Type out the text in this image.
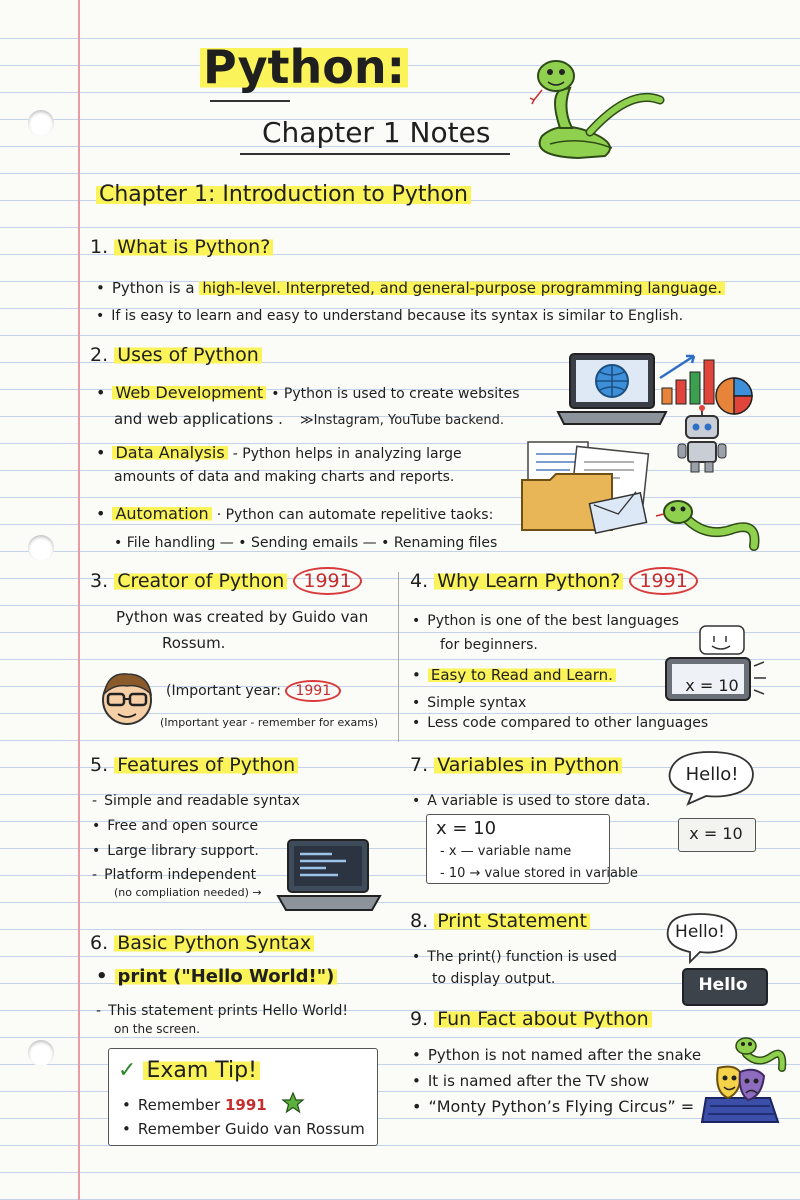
Python:
Chapter 1 Notes
Chapter 1: Introduction to Python
1. What is Python?
• Python is a high-level. Interpreted, and general-purpose programming language.
• If is easy to learn and easy to understand because its syntax is similar to English.
2. Uses of Python
• Web Development • Python is used to create websites
and web applications . ≫Instagram, YouTube backend.
• Data Analysis - Python helps in analyzing large
amounts of data and making charts and reports.
• Automation · Python can automate repelitive taoks:
• File handling — • Sending emails — • Renaming files
3. Creator of Python 1991
Python was created by Guido van
Rossum.
(Important year: 1991
(Important year - remember for exams)
4. Why Learn Python? 1991
• Python is one of the best languages
for beginners.
• Easy to Read and Learn.
• Simple syntax
• Less code compared to other languages
x = 10
5. Features of Python
- Simple and readable syntax
• Free and open source
• Large library support.
- Platform independent
(no compliation needed) →
6. Basic Python Syntax
• print ("Hello World!")
- This statement prints Hello World!
on the screen.
✓ Exam Tip!
• Remember 1991
• Remember Guido van Rossum
7. Variables in Python
• A variable is used to store data.
x = 10
- x — variable name
- 10 → value stored in variable
Hello!
x = 10
8. Print Statement
• The print() function is used
to display output.
Hello!
Hello
9. Fun Fact about Python
• Python is not named after the snake
• It is named after the TV show
• “Monty Python’s Flying Circus” =
